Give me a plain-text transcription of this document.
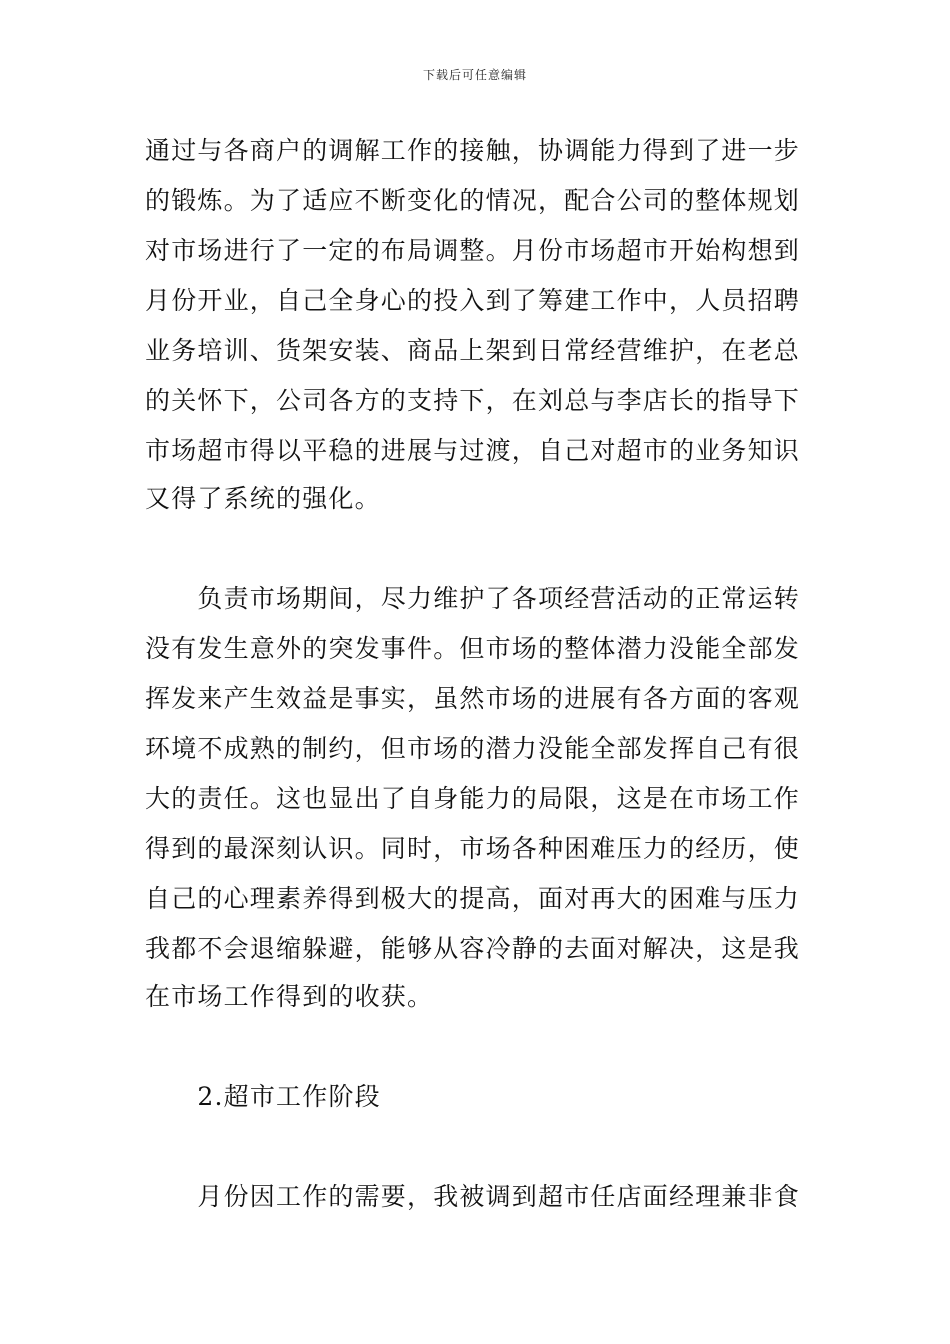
下载后可任意编辑
通过与各商户的调解工作的接触，协调能力得到了进一步
的锻炼。为了适应不断变化的情况，配合公司的整体规划
对市场进行了一定的布局调整。月份市场超市开始构想到
月份开业，自己全身心的投入到了筹建工作中，人员招聘
业务培训、货架安装、商品上架到日常经营维护，在老总
的关怀下，公司各方的支持下，在刘总与李店长的指导下
市场超市得以平稳的进展与过渡，自己对超市的业务知识
又得了系统的强化。
　　负责市场期间，尽力维护了各项经营活动的正常运转
没有发生意外的突发事件。但市场的整体潜力没能全部发
挥发来产生效益是事实，虽然市场的进展有各方面的客观
环境不成熟的制约，但市场的潜力没能全部发挥自己有很
大的责任。这也显出了自身能力的局限，这是在市场工作
得到的最深刻认识。同时，市场各种困难压力的经历，使
自己的心理素养得到极大的提高，面对再大的困难与压力
我都不会退缩躲避，能够从容冷静的去面对解决，这是我
在市场工作得到的收获。
　　2.超市工作阶段
　　月份因工作的需要，我被调到超市任店面经理兼非食
